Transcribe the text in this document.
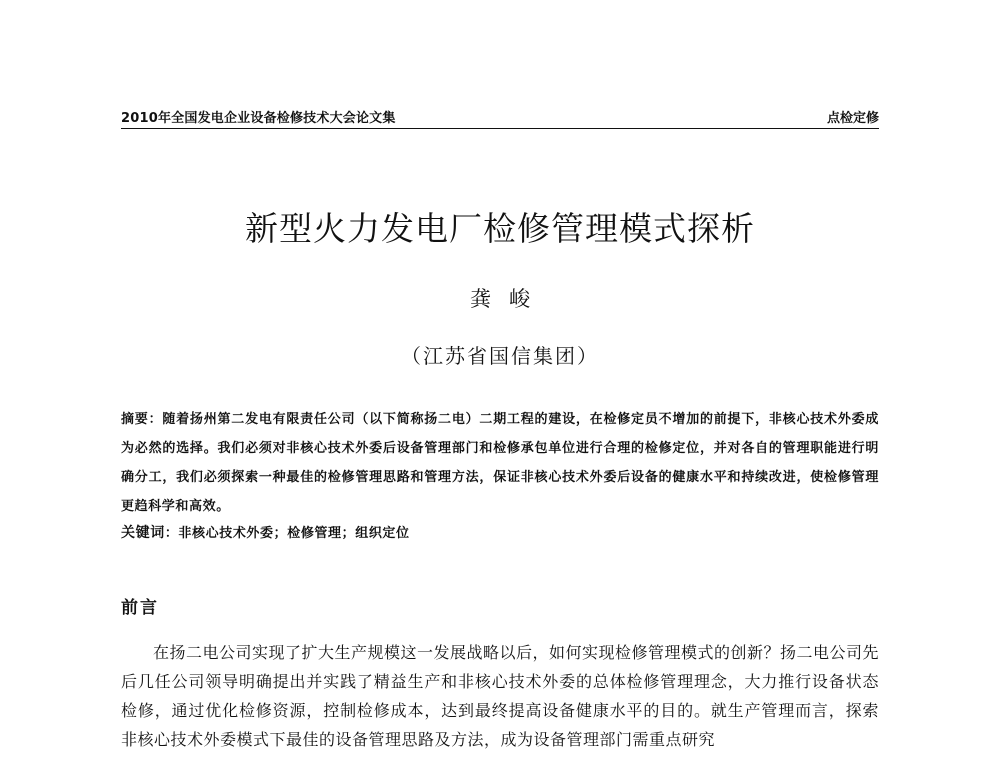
2010年全国发电企业设备检修技术大会论文集	点检定修
新型火力发电厂检修管理模式探析
龚峻
（江苏省国信集团）
摘要：随着扬州第二发电有限责任公司（以下简称扬二电）二期工程的建设，在检修定员不增加的前提下，非核心技术外委成为必然的选择。我们必须对非核心技术外委后设备管理部门和检修承包单位进行合理的检修定位，并对各自的管理职能进行明确分工，我们必须探索一种最佳的检修管理思路和管理方法，保证非核心技术外委后设备的健康水平和持续改进，使检修管理更趋科学和高效。
关键词：非核心技术外委；检修管理；组织定位
前言
在扬二电公司实现了扩大生产规模这一发展战略以后，如何实现检修管理模式的创新？扬二电公司先后几任公司领导明确提出并实践了精益生产和非核心技术外委的总体检修管理理念，大力推行设备状态检修，通过优化检修资源，控制检修成本，达到最终提高设备健康水平的目的。就生产管理而言，探索非核心技术外委模式下最佳的设备管理思路及方法，成为设备管理部门需重点研究
